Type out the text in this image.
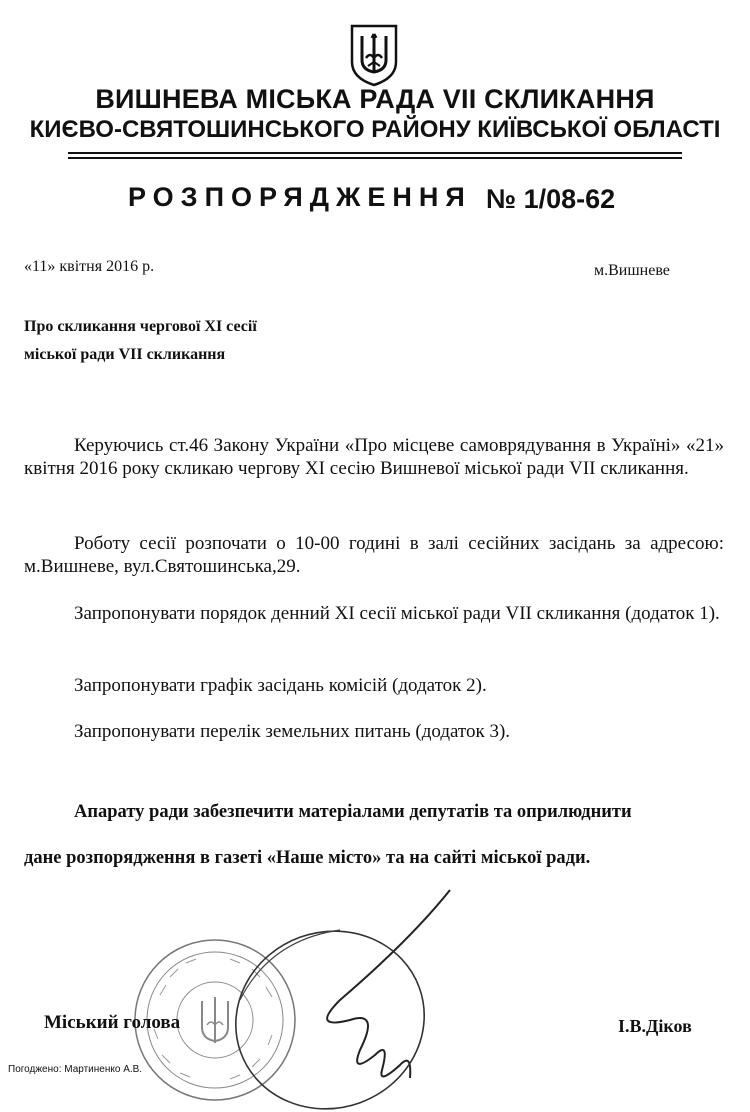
ВИШНЕВА МІСЬКА РАДА VII СКЛИКАННЯ
КИЄВО-СВЯТОШИНСЬКОГО РАЙОНУ КИЇВСЬКОЇ ОБЛАСТІ
РОЗПОРЯДЖЕННЯ № 1/08-62
«11» квітня 2016 р.	м.Вишневе
Про скликання чергової XI сесії
міської ради VII скликання
Керуючись ст.46 Закону України «Про місцеве самоврядування в Україні» «21» квітня 2016 року скликаю чергову XI сесію Вишневої міської ради VII скликання.
Роботу сесії розпочати о 10-00 годині в залі сесійних засідань за адресою: м.Вишневе, вул.Святошинська,29.
Запропонувати порядок денний XI сесії міської ради VII скликання (додаток 1).
Запропонувати графік засідань комісій (додаток 2).
Запропонувати перелік земельних питань (додаток 3).
Апарату ради забезпечити матеріалами депутатів та оприлюднити
дане розпорядження в газеті «Наше місто» та на сайті міської ради.
Міський голова	І.В.Діков
Погоджено: Мартиненко А.В.
